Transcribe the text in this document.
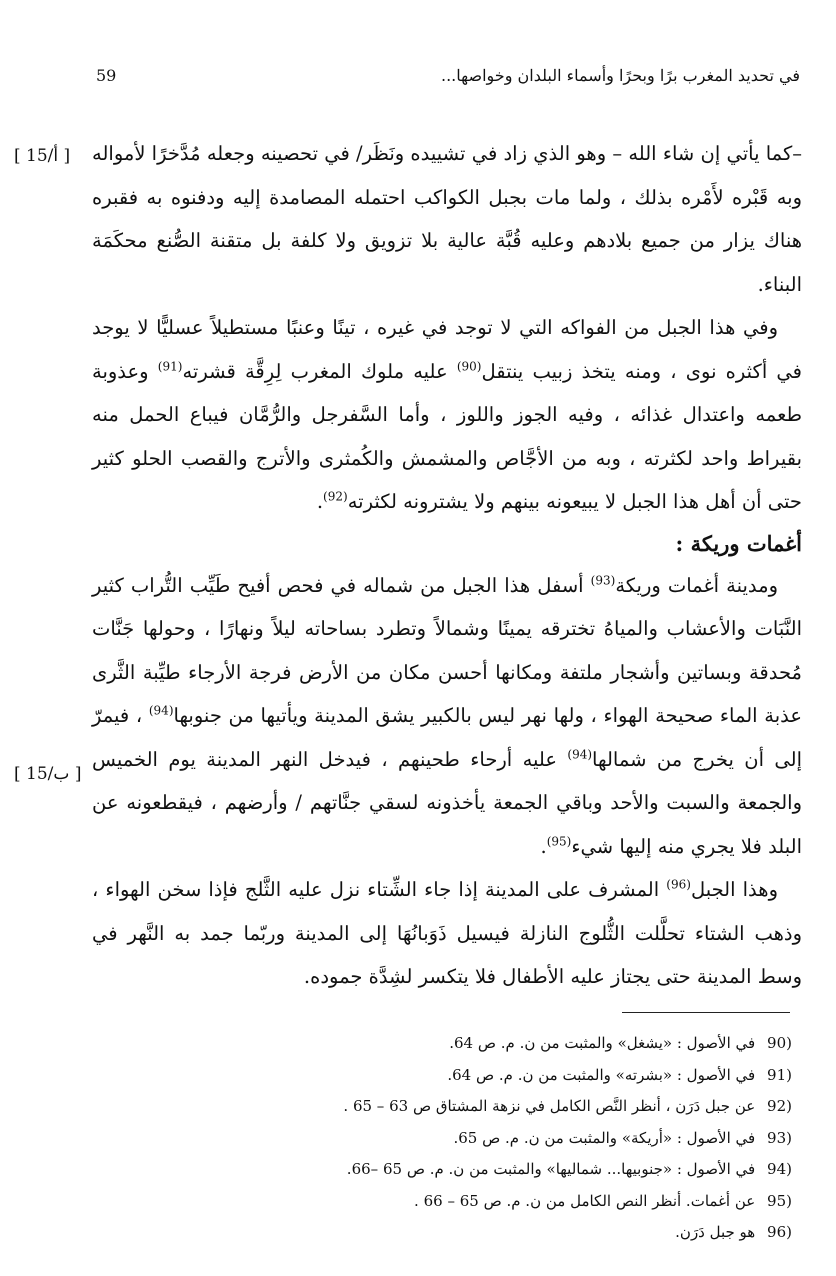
59	في تحديد المغرب برًا وبحرًا وأسماء البلدان وخواصها...
[ 15/أ ]
[ 15/ب ]

–كما يأتي إن شاء الله – وهو الذي زاد في تشييده ونَظَر/ في تحصينه وجعله مُدَّخرًا لأمواله وبه قَبْره لأَمْره بذلك ، ولما مات بجبل الكواكب احتمله المصامدة إليه ودفنوه به فقبره هناك يزار من جميع بلادهم وعليه قُبَّة عالية بلا تزويق ولا كلفة بل متقنة الصُّنع محكَمَة البناء.

وفي هذا الجبل من الفواكه التي لا توجد في غيره ، تينًا وعنبًا مستطيلاً عسليًّا لا يوجد في أكثره نوى ، ومنه يتخذ زبيب ينتقل$^{(90)}$ عليه ملوك المغرب لِرِقَّة قشرته$^{(91)}$ وعذوبة طعمه واعتدال غذائه ، وفيه الجوز واللوز ، وأما السَّفرجل والرُّمَّان فيباع الحمل منه بقيراط واحد لكثرته ، وبه من الأجَّاص والمشمش والكُمثرى والأترج والقصب الحلو كثير حتى أن أهل هذا الجبل لا يبيعونه بينهم ولا يشترونه لكثرته$^{(92)}$.

أغمات وريكة :

ومدينة أغمات وريكة$^{(93)}$ أسفل هذا الجبل من شماله في فحص أفيح طَيِّب التُّراب كثير النَّبَات والأعشاب والمياهُ تخترقه يمينًا وشمالاً وتطرد بساحاته ليلاً ونهارًا ، وحولها جَنَّات مُحدقة وبساتين وأشجار ملتفة ومكانها أحسن مكان من الأرض فرجة الأرجاء طيِّبة الثَّرى عذبة الماء صحيحة الهواء ، ولها نهر ليس بالكبير يشق المدينة ويأتيها من جنوبها$^{(94)}$ ، فيمرّ إلى أن يخرج من شمالها$^{(94)}$ عليه أرحاء طحينهم ، فيدخل النهر المدينة يوم الخميس والجمعة والسبت والأحد وباقي الجمعة يأخذونه لسقي جنَّاتهم / وأرضهم ، فيقطعونه عن البلد فلا يجري منه إليها شيء$^{(95)}$.

وهذا الجبل$^{(96)}$ المشرف على المدينة إذا جاء الشِّتاء نزل عليه الثَّلج فإذا سخن الهواء ، وذهب الشتاء تحلَّلت الثُّلوج النازلة فيسيل ذَوَبانُهَا إلى المدينة وربّما جمد به النَّهر في وسط المدينة حتى يجتاز عليه الأطفال فلا يتكسر لشِدَّة جموده.

(90 في الأصول : «يشغل» والمثبت من ن. م. ص 64.
(91 في الأصول : «بشرته» والمثبت من ن. م. ص 64.
(92 عن جبل دَرَن ، أنظر النَّص الكامل في نزهة المشتاق ص 63 – 65 .
(93 في الأصول : «أريكة» والمثبت من ن. م. ص 65.
(94 في الأصول : «جنوبيها... شماليها» والمثبت من ن. م. ص 65 –66.
(95 عن أغمات. أنظر النص الكامل من ن. م. ص 65 – 66 .
(96 هو جبل دَرَن.
